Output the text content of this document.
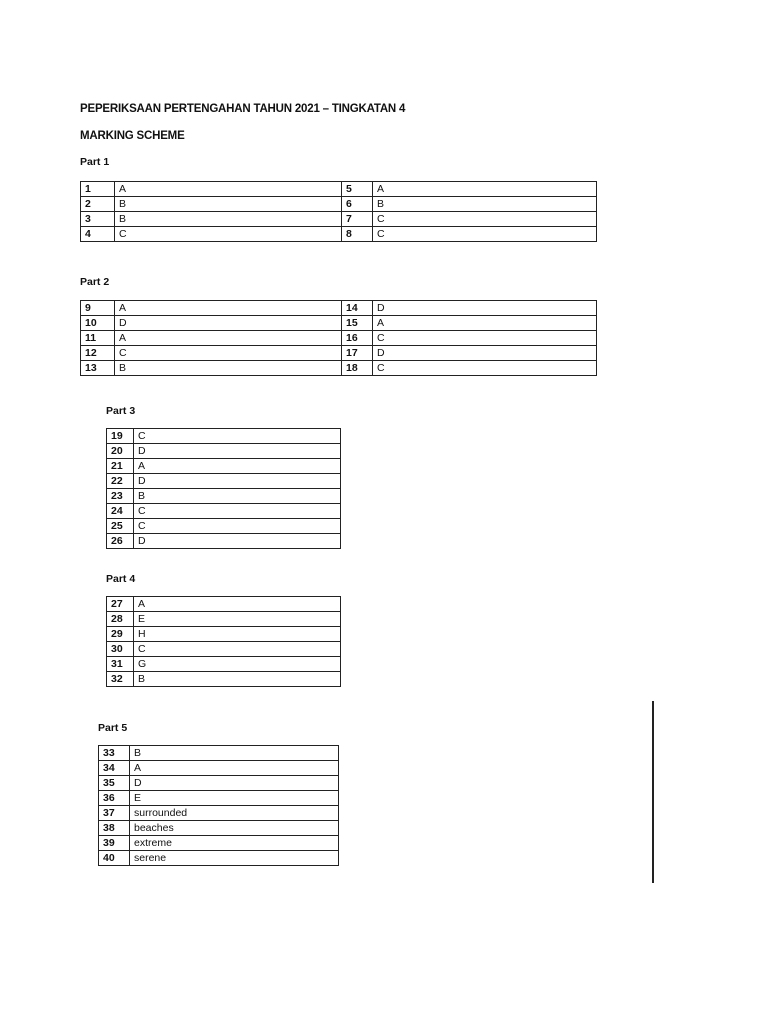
PEPERIKSAAN PERTENGAHAN TAHUN 2021 – TINGKATAN 4
MARKING SCHEME
Part 1
1	A	5	A
2	B	6	B
3	B	7	C
4	C	8	C
Part 2
9	A	14	D
10	D	15	A
11	A	16	C
12	C	17	D
13	B	18	C
Part 3
19	C
20	D
21	A
22	D
23	B
24	C
25	C
26	D
Part 4
27	A
28	E
29	H
30	C
31	G
32	B
Part 5
33	B
34	A
35	D
36	E
37	surrounded
38	beaches
39	extreme
40	serene
